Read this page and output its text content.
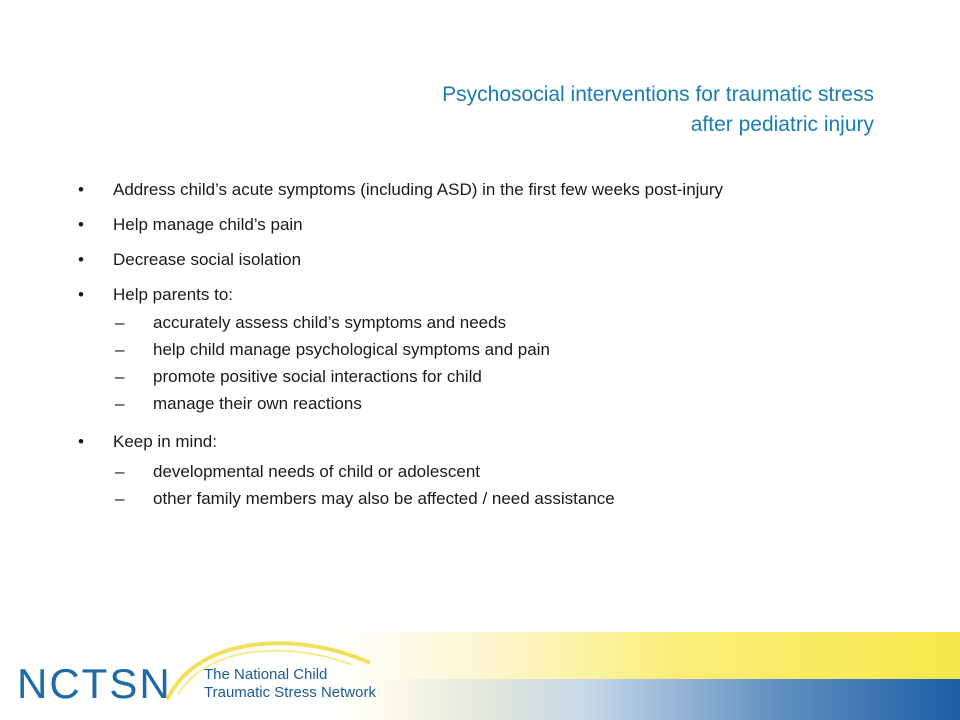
Psychosocial interventions for traumatic stress
after pediatric injury
•	Address child’s acute symptoms (including ASD) in the first few weeks post-injury
•	Help manage child’s pain
•	Decrease social isolation
•	Help parents to:
– accurately assess child’s symptoms and needs
– help child manage psychological symptoms and pain
– promote positive social interactions for child
– manage their own reactions
•	Keep in mind:
– developmental needs of child or adolescent
– other family members may also be affected / need assistance
NCTSN The National Child
Traumatic Stress Network
